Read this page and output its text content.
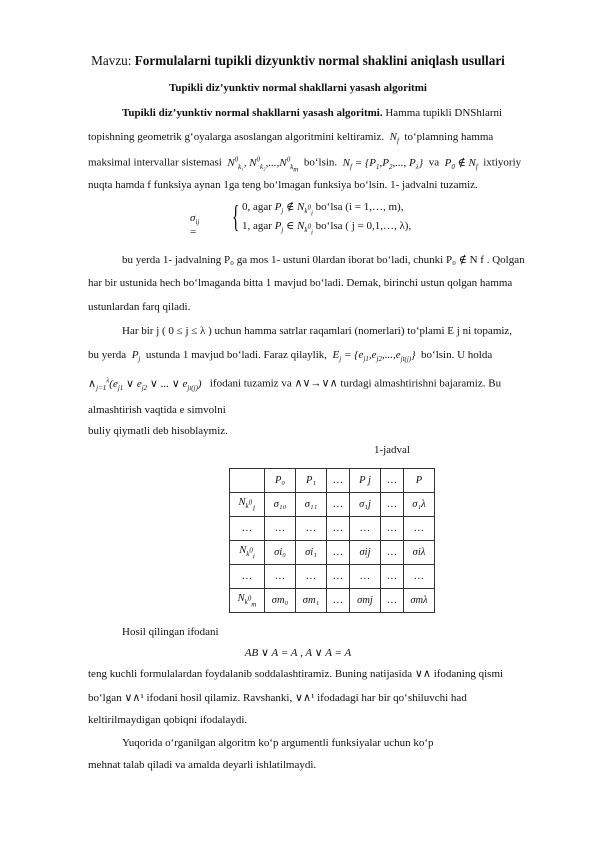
Mavzu: Formulalarni tupikli dizyunktiv normal shaklini aniqlash usullari
Tupikli diz’yunktiv normal shakllarni yasash algoritmi
Tupikli diz’yunktiv normal shakllarni yasash algoritmi. Hamma tupikli DNShlarni
topishning geometrik g‘oyalarga asoslangan algoritmini keltiramiz. $N_f$ to‘plamning hamma
maksimal intervallar sistemasi $N^0_{k_1}$, $N^0_{k_2},...,N^0_{k_m}$  bo‘lsin. $N_f = \{P_1,P_2$,..., $P_\lambda$} va $P_0$ ∉ $N_f$ ixtiyoriy
nuqta hamda f funksiya aynan 1ga teng bo‘lmagan funksiya bo‘lsin. 1- jadvalni tuzamiz.
$\sigma_{ij}$ = { 0, agar $P_j$ ∉ $N_{k^0_i}$ bo‘lsa (i = 1,…, m),
1, agar $P_j$ ∈ $N_{k^0_i}$ bo‘lsa ( j = 0,1,…, λ),
bu yerda 1- jadvalning P₀ ga mos 1- ustuni 0lardan iborat bo‘ladi, chunki P₀ ∉ N f . Qolgan
har bir ustunida hech bo‘lmaganda bitta 1 mavjud bo‘ladi. Demak, birinchi ustun qolgan hamma
ustunlardan farq qiladi.
Har bir j ( 0 ≤ j ≤ λ ) uchun hamma satrlar raqamlari (nomerlari) to‘plami E j ni topamiz,
bu yerda $P_j$ ustunda 1 mavjud bo‘ladi. Faraz qilaylik, $E_j = \{e_{j1},e_{j2},...,e_{jt(j)}\}$ bo‘lsin. U holda
$\wedge_{j=1}^\lambda(e_{j1}$ ∨ $e_{j2}$ ∨ ... ∨ $e_{jt(j)}$) ifodani tuzamiz va ∧∨→∨∧ turdagi almashtirishni bajaramiz. Bu
almashtirish vaqtida e simvolni
buliy qiymatli deb hisoblaymiz.
1-jadval
	P₀	P₁	…	P j	…	P
$N_{k^0_1}$	σ₁₀	σ₁₁	…	σ₁j	…	σ₁λ
…	…	…	…	…	…	…
$N_{k^0_i}$	σi₀	σi₁	…	σij	…	σiλ
…	…	…	…	…	…	…
$N_{k^0_m}$	σm₀	σm₁	…	σmj	…	σmλ
Hosil qilingan ifodani
AB ∨ A = A , A ∨ A = A
teng kuchli formulalardan foydalanib soddalashtiramiz. Buning natijasida ∨∧ ifodaning qismi
bo‘lgan ∨∧¹ ifodani hosil qilamiz. Ravshanki, ∨∧¹ ifodadagi har bir qo‘shiluvchi had
keltirilmaydigan qobiqni ifodalaydi.
Yuqorida o‘rganilgan algoritm ko‘p argumentli funksiyalar uchun ko‘p
mehnat talab qiladi va amalda deyarli ishlatilmaydi.
